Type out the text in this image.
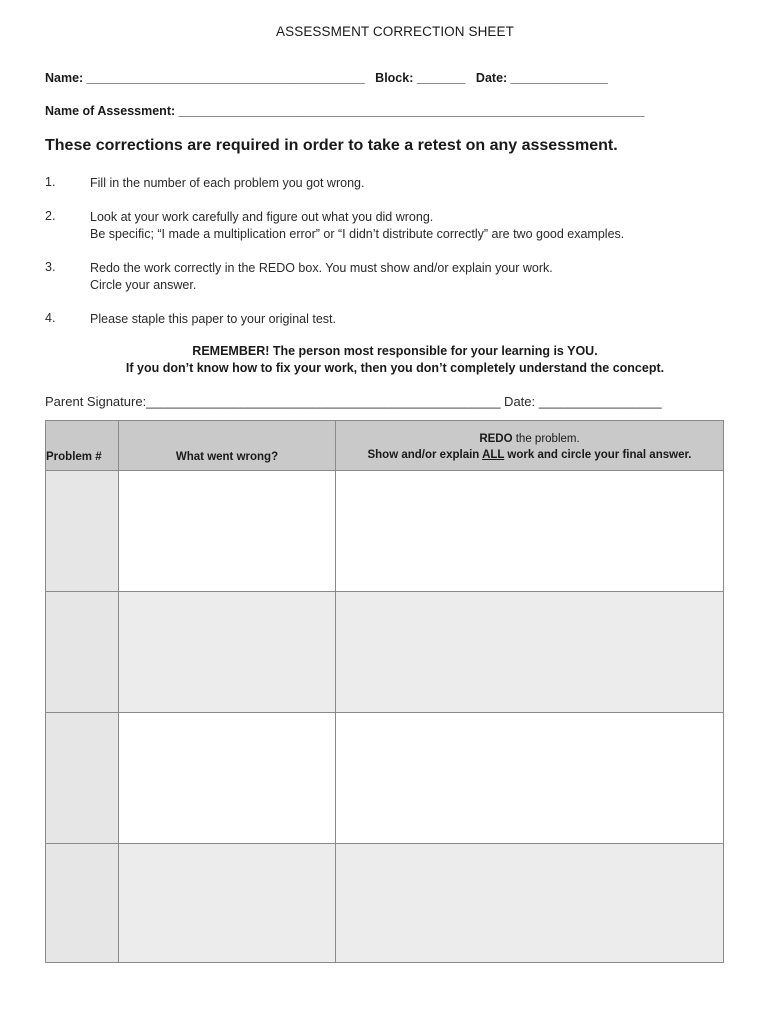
ASSESSMENT CORRECTION SHEET
Name: ________________________________________   Block: _______   Date: ______________
Name of Assessment: ___________________________________________________________________
These corrections are required in order to take a retest on any assessment.
1.	Fill in the number of each problem you got wrong.
2.	Look at your work carefully and figure out what you did wrong.
Be specific; “I made a multiplication error” or “I didn’t distribute correctly” are two good examples.
3.	Redo the work correctly in the REDO box. You must show and/or explain your work.
Circle your answer.
4.	Please staple this paper to your original test.
REMEMBER! The person most responsible for your learning is YOU.
If you don’t know how to fix your work, then you don’t completely understand the concept.
Parent Signature:_________________________________________________ Date: _________________
Problem #	What went wrong?	REDO the problem.
Show and/or explain ALL work and circle your final answer.
